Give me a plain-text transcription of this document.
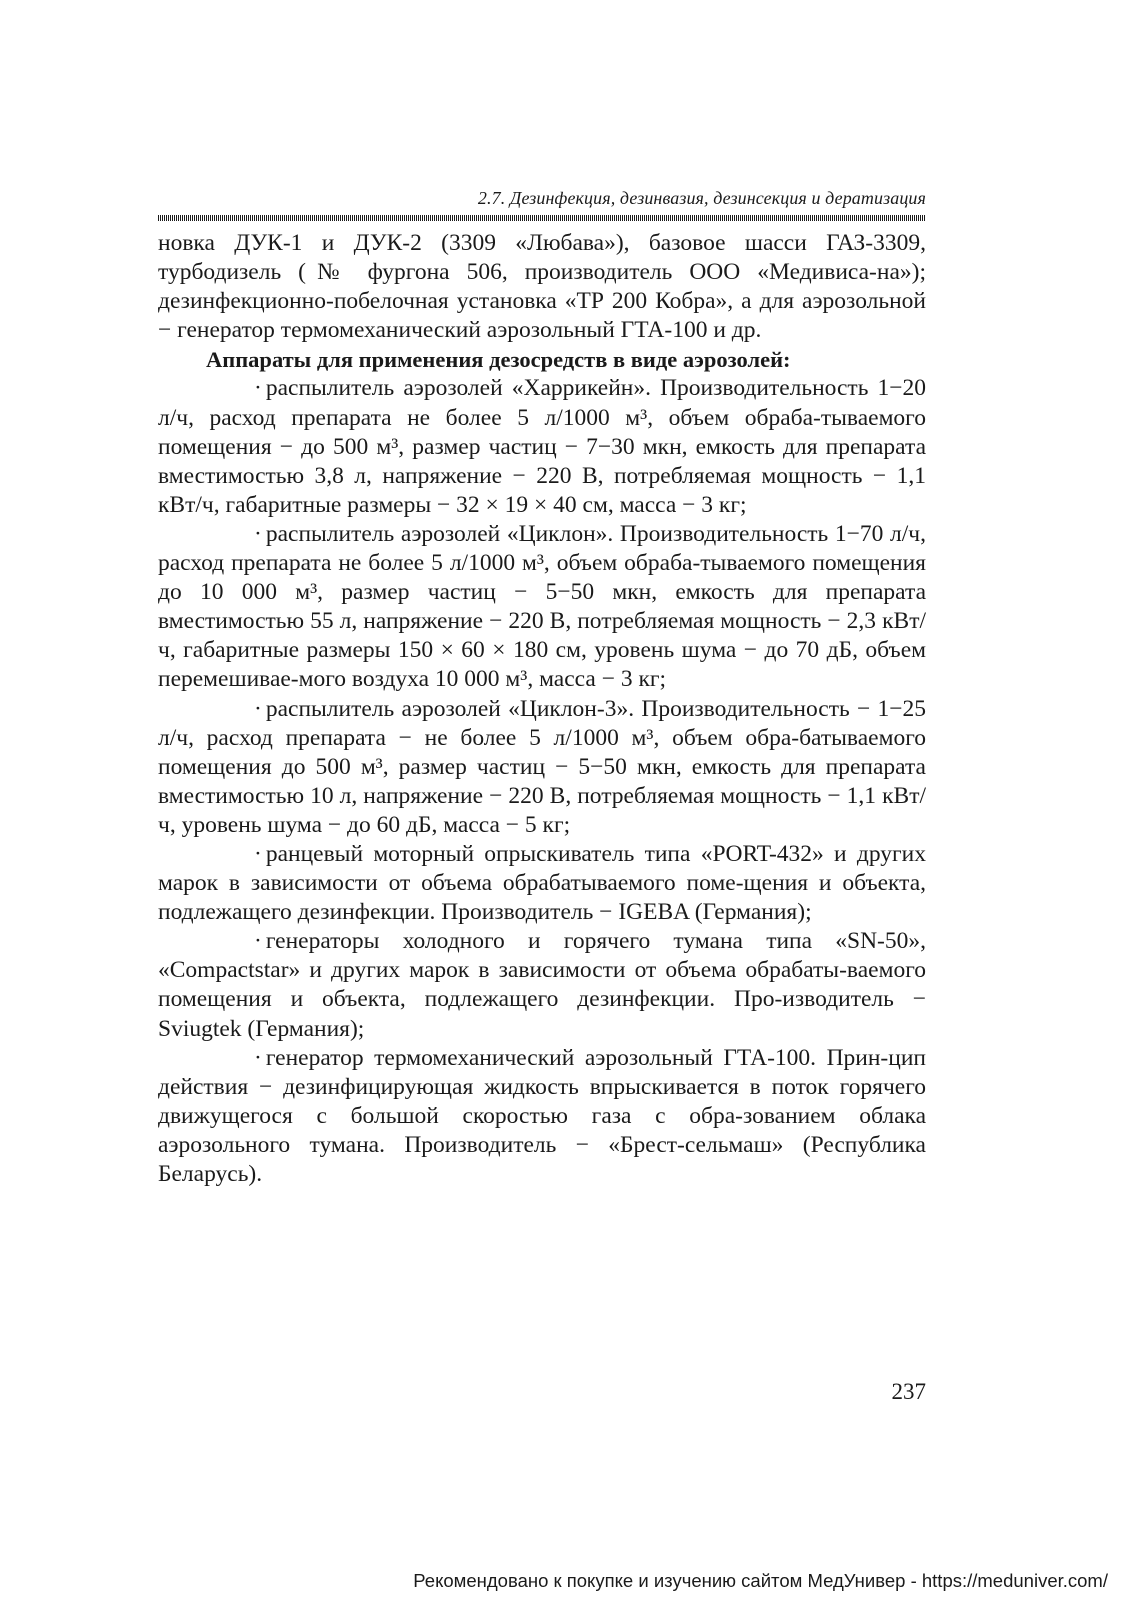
2.7. Дезинфекция, дезинвазия, дезинсекция и дератизация

новка ДУК-1 и ДУК-2 (3309 «Любава»), базовое шасси ГАЗ-3309, турбодизель (№ фургона 506, производитель ООО «Медивиса-на»); дезинфекционно-побелочная установка «ТР 200 Кобра», а для аэрозольной − генератор термомеханический аэрозольный ГТА-100 и др.

Аппараты для применения дезосредств в виде аэрозолей:

· распылитель аэрозолей «Харрикейн». Производительность 1−20 л/ч, расход препарата не более 5 л/1000 м³, объем обраба-тываемого помещения − до 500 м³, размер частиц − 7−30 мкн, емкость для препарата вместимостью 3,8 л, напряжение − 220 В, потребляемая мощность − 1,1 кВт/ч, габаритные размеры − 32 × 19 × 40 см, масса − 3 кг;

· распылитель аэрозолей «Циклон». Производительность 1−70 л/ч, расход препарата не более 5 л/1000 м³, объем обраба-тываемого помещения до 10 000 м³, размер частиц − 5−50 мкн, емкость для препарата вместимостью 55 л, напряжение − 220 В, потребляемая мощность − 2,3 кВт/ч, габаритные размеры 150 × 60 × 180 см, уровень шума − до 70 дБ, объем перемешивае-мого воздуха 10 000 м³, масса − 3 кг;

· распылитель аэрозолей «Циклон-3». Производительность − 1−25 л/ч, расход препарата − не более 5 л/1000 м³, объем обра-батываемого помещения до 500 м³, размер частиц − 5−50 мкн, емкость для препарата вместимостью 10 л, напряжение − 220 В, потребляемая мощность − 1,1 кВт/ч, уровень шума − до 60 дБ, масса − 5 кг;

· ранцевый моторный опрыскиватель типа «PORT-432» и других марок в зависимости от объема обрабатываемого поме-щения и объекта, подлежащего дезинфекции. Производитель − IGEBA (Германия);

· генераторы холодного и горячего тумана типа «SN-50», «Compactstar» и других марок в зависимости от объема обрабаты-ваемого помещения и объекта, подлежащего дезинфекции. Про-изводитель − Sviugtek (Германия);

· генератор термомеханический аэрозольный ГТА-100. Прин-цип действия − дезинфицирующая жидкость впрыскивается в поток горячего движущегося с большой скоростью газа с обра-зованием облака аэрозольного тумана. Производитель − «Брест-сельмаш» (Республика Беларусь).

237
Рекомендовано к покупке и изучению сайтом МедУнивер - https://meduniver.com/
